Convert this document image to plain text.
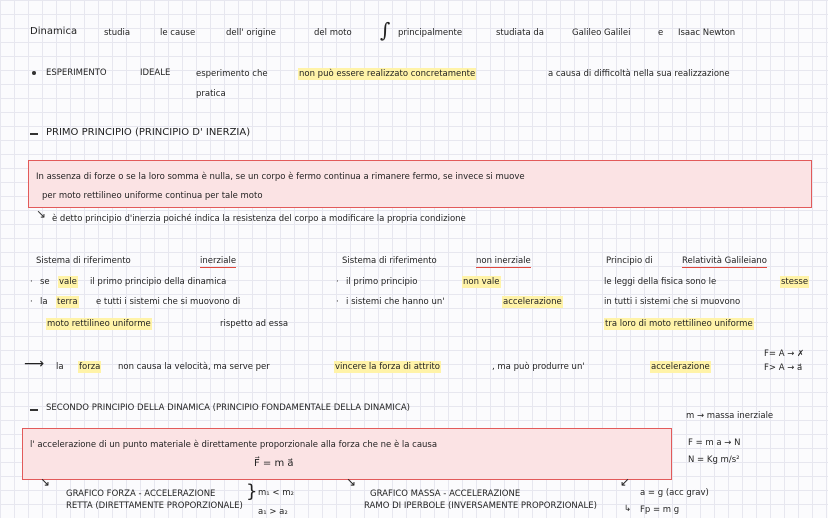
Dinamica	studia	le cause	dell' origine	del moto ∫ principalmente	studiata da	Galileo Galilei	e Isaac Newton
ESPERIMENTO	IDEALE	esperimento che	non può essere realizzato concretamente	a causa di difficoltà nella sua realizzazione
pratica
PRIMO PRINCIPIO (PRINCIPIO D' INERZIA)
In assenza di forze o se la loro somma è nulla, se un corpo è fermo continua a rimanere fermo, se invece si muove
per moto rettilineo uniforme continua per tale moto
↘ è detto principio d'inerzia poiché indica la resistenza del corpo a modificare la propria condizione
Sistema di riferimento	inerziale
· se vale il primo principio della dinamica
· la terra e tutti i sistemi che si muovono di
moto rettilineo uniforme	rispetto ad essa
Sistema di riferimento	non inerziale
· il primo principio	non vale
· i sistemi che hanno un'	accelerazione
Principio di	Relatività Galileiano
le leggi della fisica sono le	stesse
in tutti i sistemi che si muovono
tra loro di moto rettilineo uniforme
⟶ la forza non causa la velocità, ma serve per	vincere la forza di attrito	, ma può produrre un'	accelerazione
F= A → ✗
F> A → a⃗
SECONDO PRINCIPIO DELLA DINAMICA (PRINCIPIO FONDAMENTALE DELLA DINAMICA)
m → massa inerziale
l' accelerazione di un punto materiale è direttamente proporzionale alla forza che ne è la causa
F⃗ = m a⃗
F = m a → N
N = Kg m/s²
↘
GRAFICO FORZA - ACCELERAZIONE
RETTA (DIRETTAMENTE PROPORZIONALE)
} m₁ < m₂
a₁ > a₂
↘
GRAFICO MASSA - ACCELERAZIONE
RAMO DI IPERBOLE (INVERSAMENTE PROPORZIONALE)
↙
a = g (acc grav)
↳ Fp = m g
